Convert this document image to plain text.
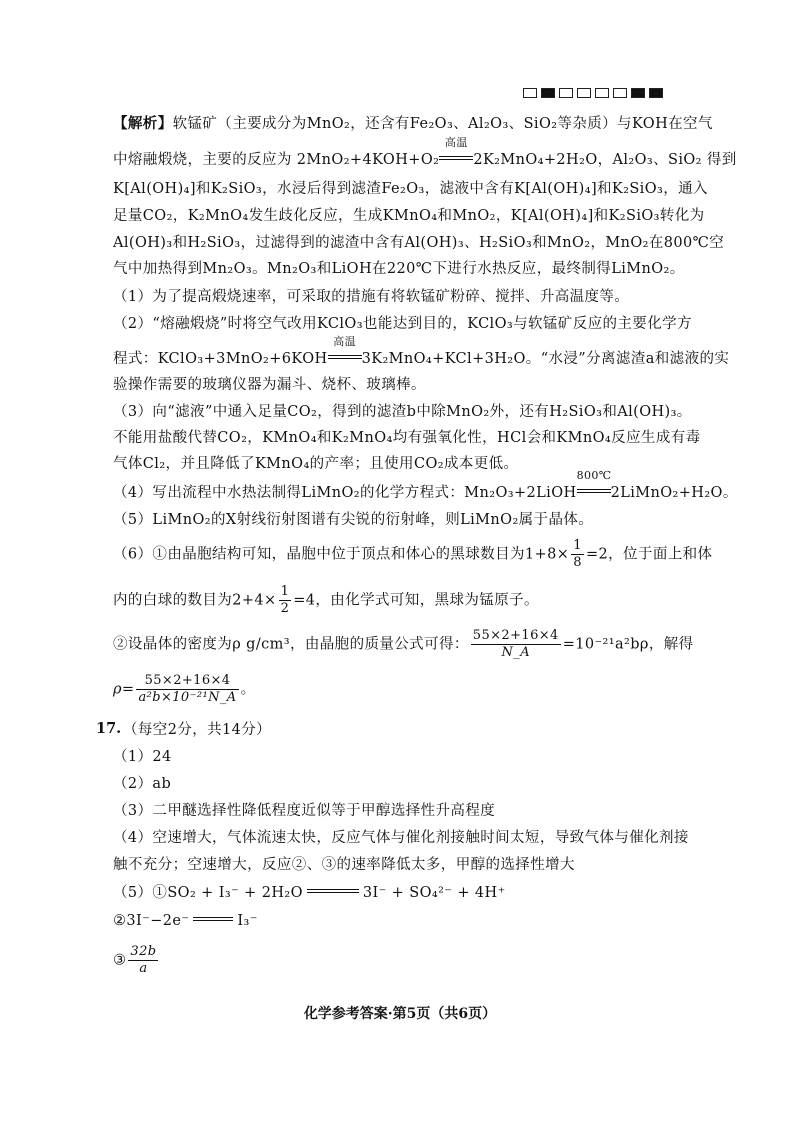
【解析】软锰矿（主要成分为MnO₂，还含有Fe₂O₃、Al₂O₃、SiO₂等杂质）与KOH在空气
中熔融煅烧，主要的反应为 2MnO₂+4KOH+O₂
高温
2K₂MnO₄+2H₂O，Al₂O₃、SiO₂ 得到
K[Al(OH)₄]和K₂SiO₃，水浸后得到滤渣Fe₂O₃，滤液中含有K[Al(OH)₄]和K₂SiO₃，通入
足量CO₂，K₂MnO₄发生歧化反应，生成KMnO₄和MnO₂，K[Al(OH)₄]和K₂SiO₃转化为
Al(OH)₃和H₂SiO₃，过滤得到的滤渣中含有Al(OH)₃、H₂SiO₃和MnO₂，MnO₂在800℃空
气中加热得到Mn₂O₃。Mn₂O₃和LiOH在220℃下进行水热反应，最终制得LiMnO₂。
（1）为了提高煅烧速率，可采取的措施有将软锰矿粉碎、搅拌、升高温度等。
（2）“熔融煅烧”时将空气改用KClO₃也能达到目的，KClO₃与软锰矿反应的主要化学方
程式：KClO₃+3MnO₂+6KOH
高温
3K₂MnO₄+KCl+3H₂O。“水浸”分离滤渣a和滤液的实
验操作需要的玻璃仪器为漏斗、烧杯、玻璃棒。
（3）向“滤液”中通入足量CO₂，得到的滤渣b中除MnO₂外，还有H₂SiO₃和Al(OH)₃。
不能用盐酸代替CO₂，KMnO₄和K₂MnO₄均有强氧化性，HCl会和KMnO₄反应生成有毒
气体Cl₂，并且降低了KMnO₄的产率；且使用CO₂成本更低。
（4）写出流程中水热法制得LiMnO₂的化学方程式：Mn₂O₃+2LiOH
800℃
2LiMnO₂+H₂O。
（5）LiMnO₂的X射线衍射图谱有尖锐的衍射峰，则LiMnO₂属于晶体。
（6）①由晶胞结构可知，晶胞中位于顶点和体心的黑球数目为$1+8\times \frac{1}{8} =2$，位于面上和体
内的白球的数目为$2+4\times \frac{1}{2} =4$，由化学式可知，黑球为锰原子。
②设晶体的密度为ρ g/cm³，由晶胞的质量公式可得： $\frac{55\times 2+16\times 4}{N\_A} =10^{-21}a^2b\rho$，解得
$\rho= \frac{55\times 2+16\times 4}{\text{a²b×10⁻²¹N\_A}}$ 。
17. （每空2分，共14分）
（1）24
（2）ab
（3）二甲醚选择性降低程度近似等于甲醇选择性升高程度
（4）空速增大，气体流速太快，反应气体与催化剂接触时间太短，导致气体与催化剂接
触不充分；空速增大，反应②、③的速率降低太多，甲醇的选择性增大
（5）①SO₂ + I₃⁻ + 2H₂O	3I⁻ + SO₄²⁻ + 4H⁺
②3I⁻−2e⁻	I₃⁻
③ $\frac{32b}{a}$
化学参考答案·第5页（共6页）
